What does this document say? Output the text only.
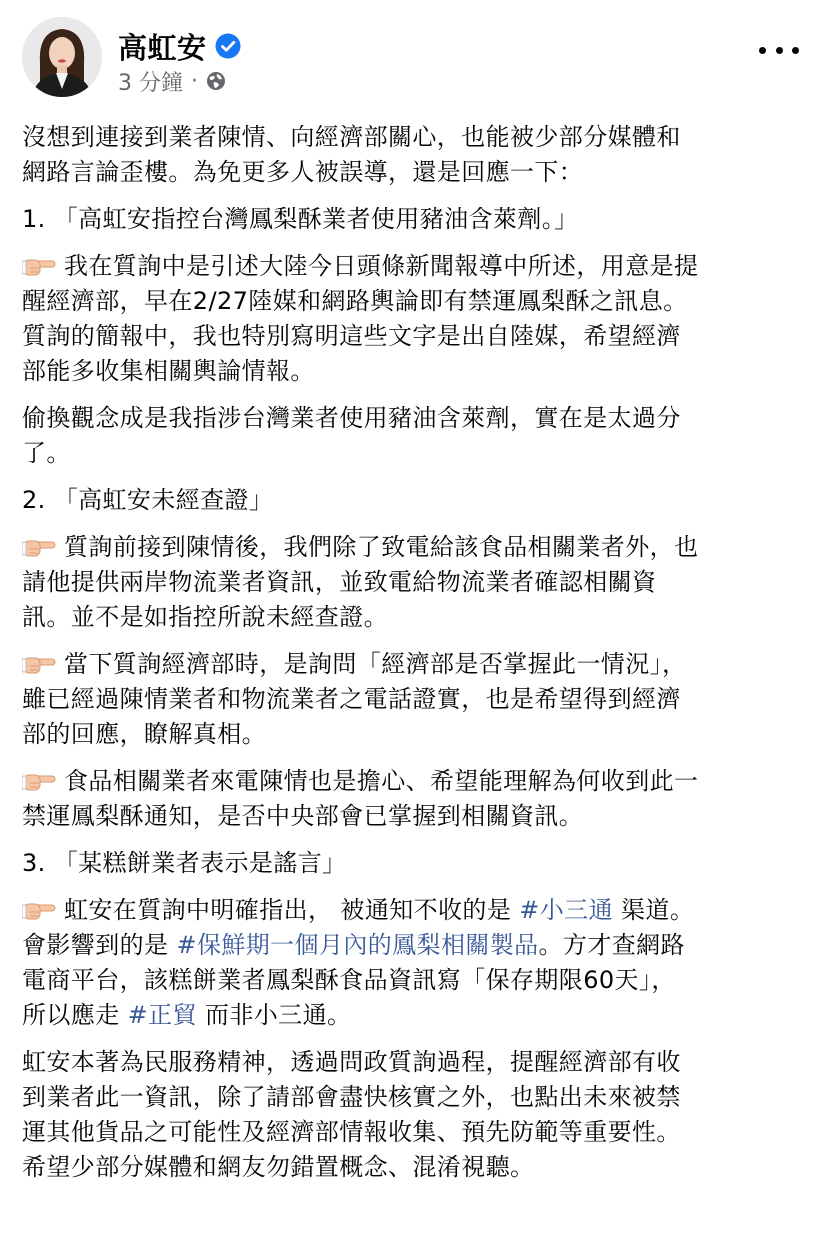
高虹安
3 分鐘 ·

沒想到連接到業者陳情、向經濟部關心，也能被少部分媒體和
網路言論歪樓。為免更多人被誤導，還是回應一下：

1. 「高虹安指控台灣鳳梨酥業者使用豬油含萊劑。」

我在質詢中是引述大陸今日頭條新聞報導中所述，用意是提
醒經濟部，早在2/27陸媒和網路輿論即有禁運鳳梨酥之訊息。
質詢的簡報中，我也特別寫明這些文字是出自陸媒，希望經濟
部能多收集相關輿論情報。

偷換觀念成是我指涉台灣業者使用豬油含萊劑，實在是太過分
了。

2. 「高虹安未經查證」

質詢前接到陳情後，我們除了致電給該食品相關業者外，也
請他提供兩岸物流業者資訊，並致電給物流業者確認相關資
訊。並不是如指控所說未經查證。

當下質詢經濟部時，是詢問「經濟部是否掌握此一情況」，
雖已經過陳情業者和物流業者之電話證實，也是希望得到經濟
部的回應，瞭解真相。

食品相關業者來電陳情也是擔心、希望能理解為何收到此一
禁運鳳梨酥通知，是否中央部會已掌握到相關資訊。

3. 「某糕餅業者表示是謠言」

虹安在質詢中明確指出， 被通知不收的是 #小三通 渠道。
會影響到的是 #保鮮期一個月內的鳳梨相關製品。方才查網路
電商平台，該糕餅業者鳳梨酥食品資訊寫「保存期限60天」，
所以應走 #正貿 而非小三通。

虹安本著為民服務精神，透過問政質詢過程，提醒經濟部有收
到業者此一資訊，除了請部會盡快核實之外，也點出未來被禁
運其他貨品之可能性及經濟部情報收集、預先防範等重要性。
希望少部分媒體和網友勿錯置概念、混淆視聽。
